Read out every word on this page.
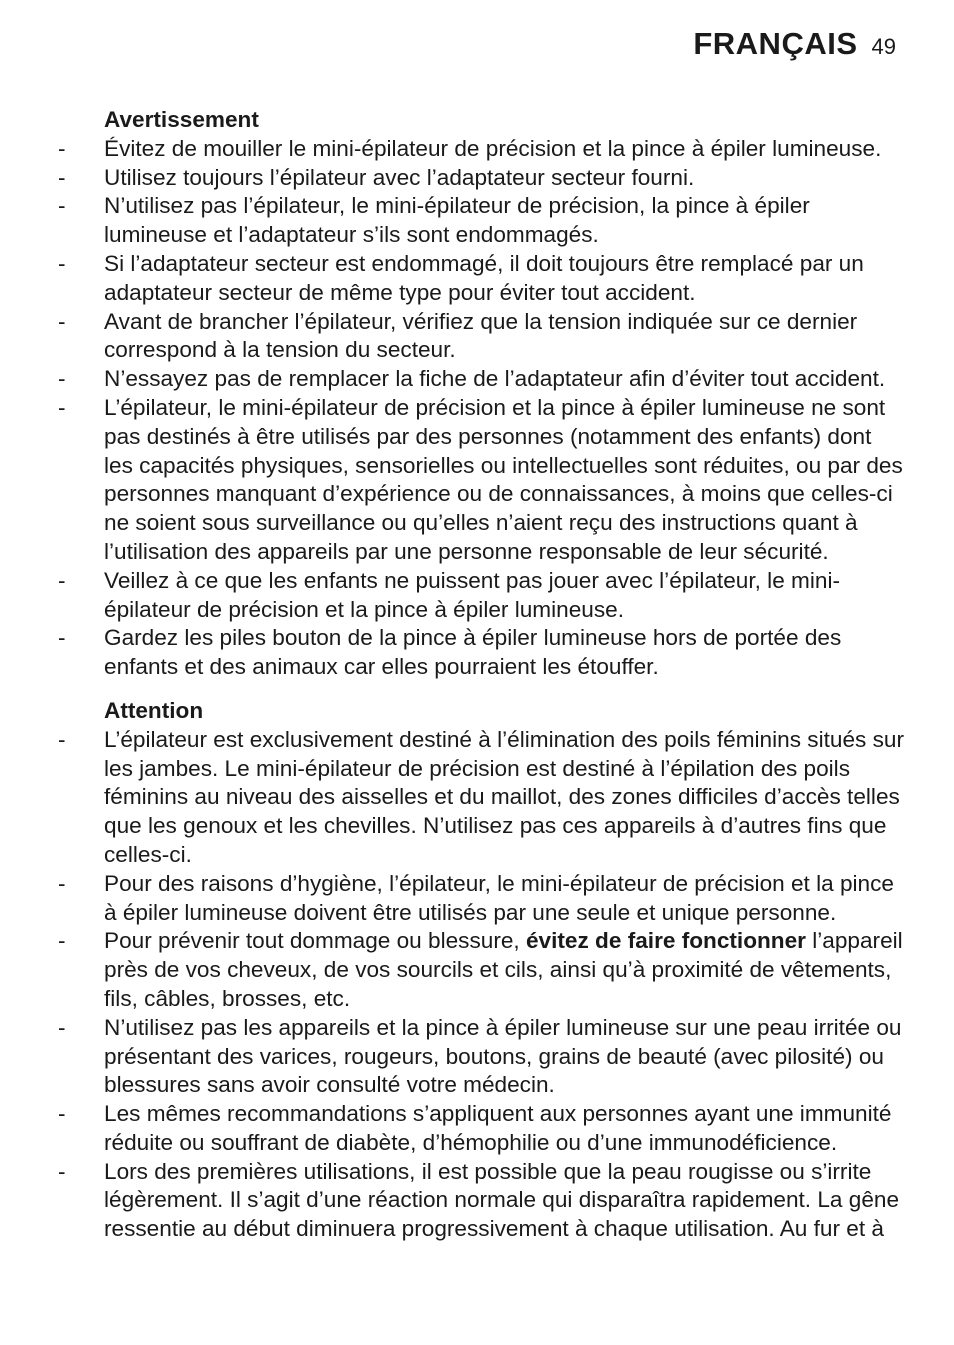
FRANÇAIS 49
Avertissement
- Évitez de mouiller le mini-épilateur de précision et la pince à épiler lumineuse.
- Utilisez toujours l’épilateur avec l’adaptateur secteur fourni.
- N’utilisez pas l’épilateur, le mini-épilateur de précision, la pince à épiler lumineuse et l’adaptateur s’ils sont endommagés.
- Si l’adaptateur secteur est endommagé, il doit toujours être remplacé par un adaptateur secteur de même type pour éviter tout accident.
- Avant de brancher l’épilateur, vérifiez que la tension indiquée sur ce dernier correspond à la tension du secteur.
- N’essayez pas de remplacer la fiche de l’adaptateur afin d’éviter tout accident.
- L’épilateur, le mini-épilateur de précision et la pince à épiler lumineuse ne sont pas destinés à être utilisés par des personnes (notamment des enfants) dont les capacités physiques, sensorielles ou intellectuelles sont réduites, ou par des personnes manquant d’expérience ou de connaissances, à moins que celles-ci ne soient sous surveillance ou qu’elles n’aient reçu des instructions quant à l’utilisation des appareils par une personne responsable de leur sécurité.
- Veillez à ce que les enfants ne puissent pas jouer avec l’épilateur, le mini-épilateur de précision et la pince à épiler lumineuse.
- Gardez les piles bouton de la pince à épiler lumineuse hors de portée des enfants et des animaux car elles pourraient les étouffer.
Attention
- L’épilateur est exclusivement destiné à l’élimination des poils féminins situés sur les jambes. Le mini-épilateur de précision est destiné à l’épilation des poils féminins au niveau des aisselles et du maillot, des zones difficiles d’accès telles que les genoux et les chevilles. N’utilisez pas ces appareils à d’autres fins que celles-ci.
- Pour des raisons d’hygiène, l’épilateur, le mini-épilateur de précision et la pince à épiler lumineuse doivent être utilisés par une seule et unique personne.
- Pour prévenir tout dommage ou blessure, évitez de faire fonctionner l’appareil près de vos cheveux, de vos sourcils et cils, ainsi qu’à proximité de vêtements, fils, câbles, brosses, etc.
- N’utilisez pas les appareils et la pince à épiler lumineuse sur une peau irritée ou présentant des varices, rougeurs, boutons, grains de beauté (avec pilosité) ou blessures sans avoir consulté votre médecin.
- Les mêmes recommandations s’appliquent aux personnes ayant une immunité réduite ou souffrant de diabète, d’hémophilie ou d’une immunodéficience.
- Lors des premières utilisations, il est possible que la peau rougisse ou s’irrite légèrement. Il s’agit d’une réaction normale qui disparaîtra rapidement. La gêne ressentie au début diminuera progressivement à chaque utilisation. Au fur et à
